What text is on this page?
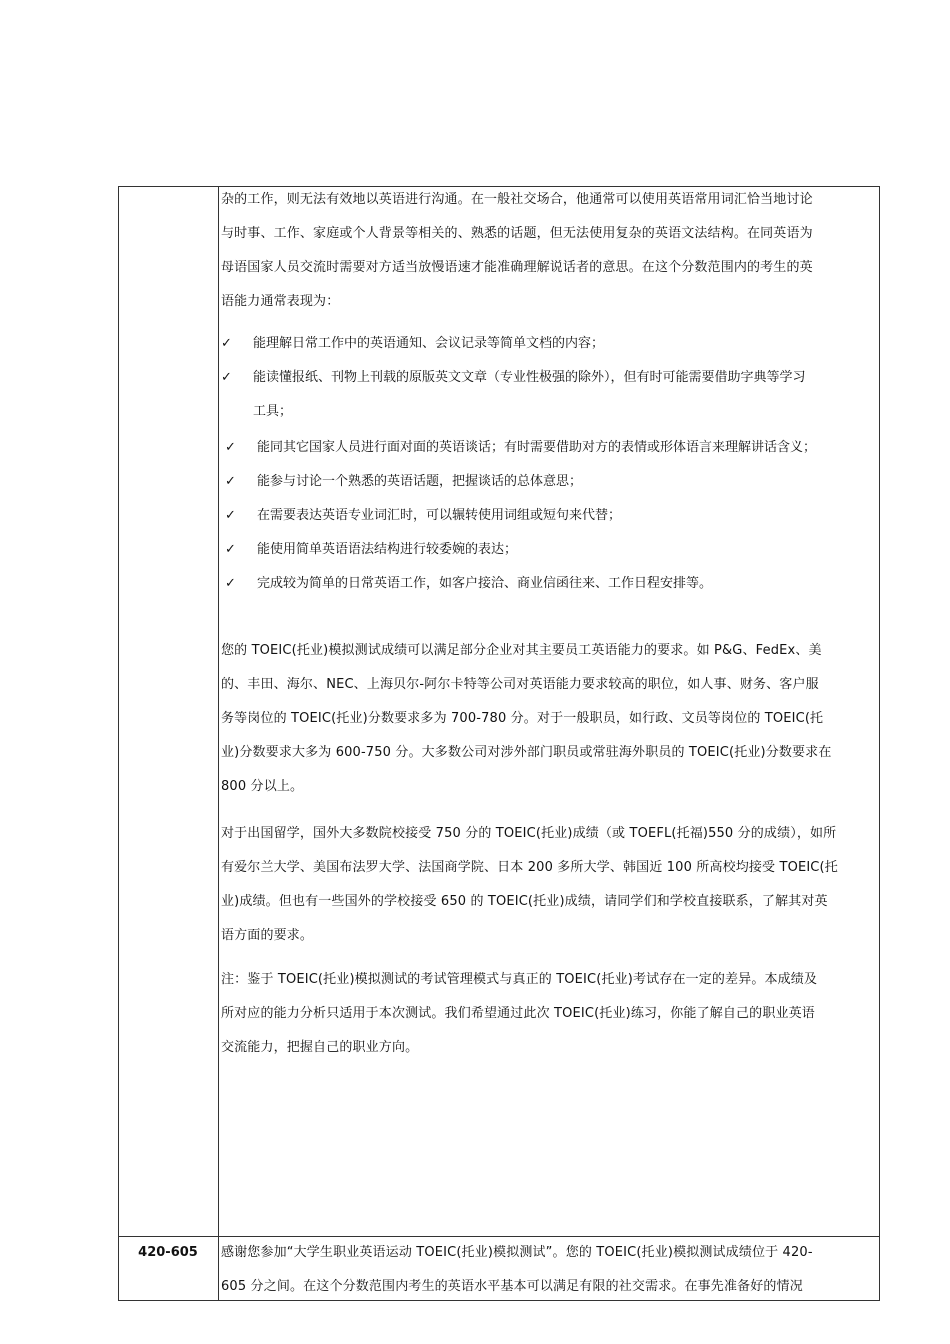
杂的工作，则无法有效地以英语进行沟通。在一般社交场合，他通常可以使用英语常用词汇恰当地讨论

与时事、工作、家庭或个人背景等相关的、熟悉的话题，但无法使用复杂的英语文法结构。在同英语为

母语国家人员交流时需要对方适当放慢语速才能准确理解说话者的意思。在这个分数范围内的考生的英

语能力通常表现为：

✓ 能理解日常工作中的英语通知、会议记录等简单文档的内容；
✓ 能读懂报纸、刊物上刊载的原版英文文章（专业性极强的除外），但有时可能需要借助字典等学习
工具；
✓ 能同其它国家人员进行面对面的英语谈话；有时需要借助对方的表情或形体语言来理解讲话含义；
✓ 能参与讨论一个熟悉的英语话题，把握谈话的总体意思；
✓ 在需要表达英语专业词汇时，可以辗转使用词组或短句来代替；
✓ 能使用简单英语语法结构进行较委婉的表达；
✓ 完成较为简单的日常英语工作，如客户接洽、商业信函往来、工作日程安排等。

您的 TOEIC(托业)模拟测试成绩可以满足部分企业对其主要员工英语能力的要求。如 P&G、FedEx、美

的、丰田、海尔、NEC、上海贝尔-阿尔卡特等公司对英语能力要求较高的职位，如人事、财务、客户服

务等岗位的 TOEIC(托业)分数要求多为 700-780 分。对于一般职员，如行政、文员等岗位的 TOEIC(托

业)分数要求大多为 600-750 分。大多数公司对涉外部门职员或常驻海外职员的 TOEIC(托业)分数要求在

800 分以上。

对于出国留学，国外大多数院校接受 750 分的 TOEIC(托业)成绩（或 TOEFL(托福)550 分的成绩），如所

有爱尔兰大学、美国布法罗大学、法国商学院、日本 200 多所大学、韩国近 100 所高校均接受 TOEIC(托

业)成绩。但也有一些国外的学校接受 650 的 TOEIC(托业)成绩，请同学们和学校直接联系，了解其对英

语方面的要求。

注：鉴于 TOEIC(托业)模拟测试的考试管理模式与真正的 TOEIC(托业)考试存在一定的差异。本成绩及

所对应的能力分析只适用于本次测试。我们希望通过此次 TOEIC(托业)练习，你能了解自己的职业英语

交流能力，把握自己的职业方向。

420-605	感谢您参加“大学生职业英语运动 TOEIC(托业)模拟测试”。您的 TOEIC(托业)模拟测试成绩位于 420-

605 分之间。在这个分数范围内考生的英语水平基本可以满足有限的社交需求。在事先准备好的情况
